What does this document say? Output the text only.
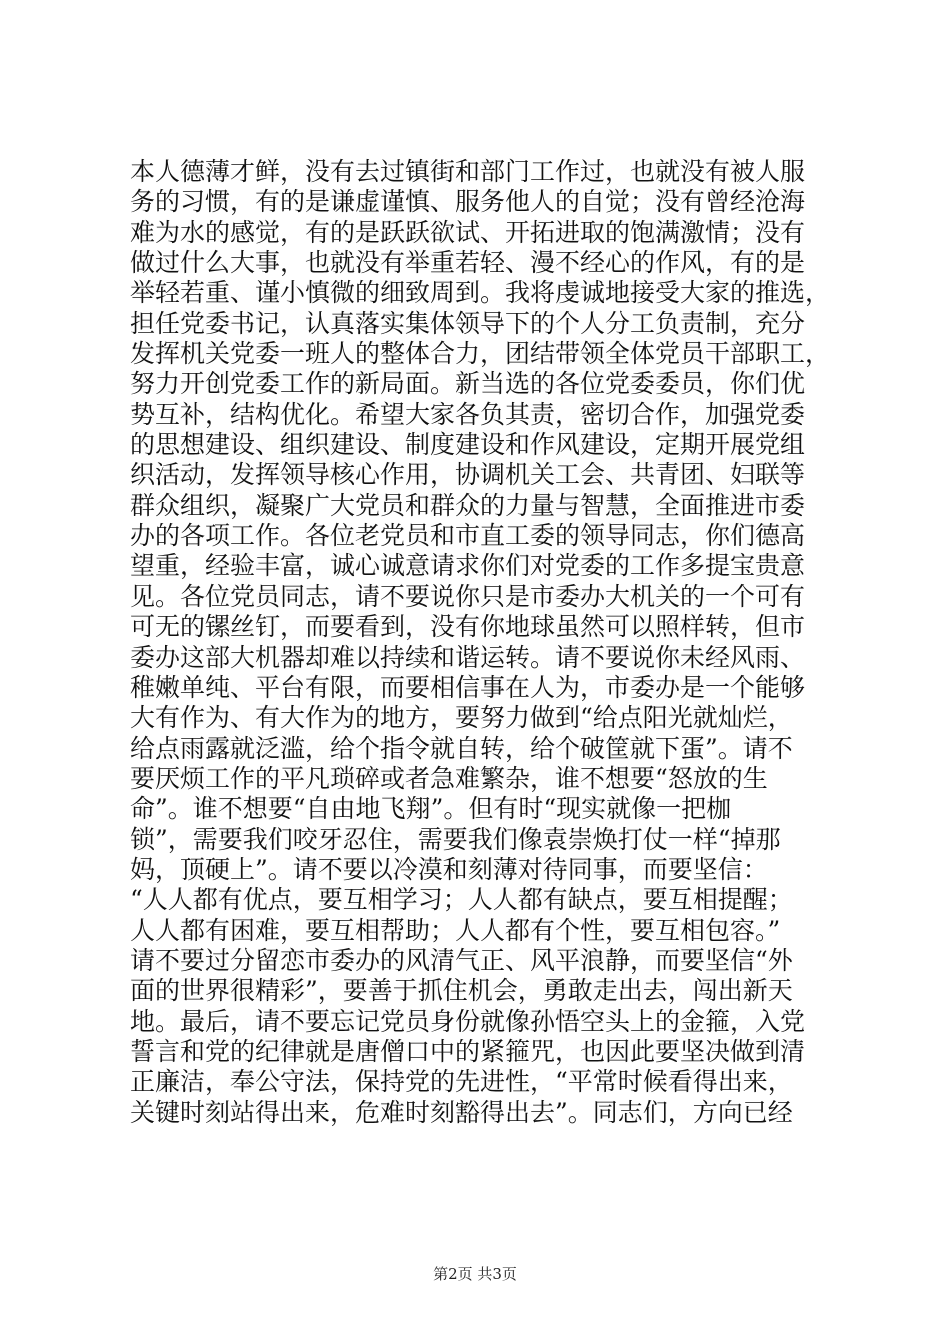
本人德薄才鲜，没有去过镇街和部门工作过，也就没有被人服
务的习惯，有的是谦虚谨慎、服务他人的自觉；没有曾经沧海
难为水的感觉，有的是跃跃欲试、开拓进取的饱满激情；没有
做过什么大事，也就没有举重若轻、漫不经心的作风，有的是
举轻若重、谨小慎微的细致周到。我将虔诚地接受大家的推选，
担任党委书记，认真落实集体领导下的个人分工负责制，充分
发挥机关党委一班人的整体合力，团结带领全体党员干部职工，
努力开创党委工作的新局面。新当选的各位党委委员，你们优
势互补，结构优化。希望大家各负其责，密切合作，加强党委
的思想建设、组织建设、制度建设和作风建设，定期开展党组
织活动，发挥领导核心作用，协调机关工会、共青团、妇联等
群众组织，凝聚广大党员和群众的力量与智慧，全面推进市委
办的各项工作。各位老党员和市直工委的领导同志，你们德高
望重，经验丰富，诚心诚意请求你们对党委的工作多提宝贵意
见。各位党员同志，请不要说你只是市委办大机关的一个可有
可无的镙丝钉，而要看到，没有你地球虽然可以照样转，但市
委办这部大机器却难以持续和谐运转。请不要说你未经风雨、
稚嫩单纯、平台有限，而要相信事在人为，市委办是一个能够
大有作为、有大作为的地方，要努力做到“给点阳光就灿烂，
给点雨露就泛滥，给个指令就自转，给个破筐就下蛋”。请不
要厌烦工作的平凡琐碎或者急难繁杂，谁不想要“怒放的生
命”。谁不想要“自由地飞翔”。但有时“现实就像一把枷
锁”，需要我们咬牙忍住，需要我们像袁崇焕打仗一样“掉那
妈，顶硬上”。请不要以冷漠和刻薄对待同事，而要坚信：
“人人都有优点，要互相学习；人人都有缺点，要互相提醒；
人人都有困难，要互相帮助；人人都有个性，要互相包容。”
请不要过分留恋市委办的风清气正、风平浪静，而要坚信“外
面的世界很精彩”，要善于抓住机会，勇敢走出去，闯出新天
地。最后，请不要忘记党员身份就像孙悟空头上的金箍，入党
誓言和党的纪律就是唐僧口中的紧箍咒，也因此要坚决做到清
正廉洁，奉公守法，保持党的先进性，“平常时候看得出来，
关键时刻站得出来，危难时刻豁得出去”。同志们，方向已经
第2页 共3页
